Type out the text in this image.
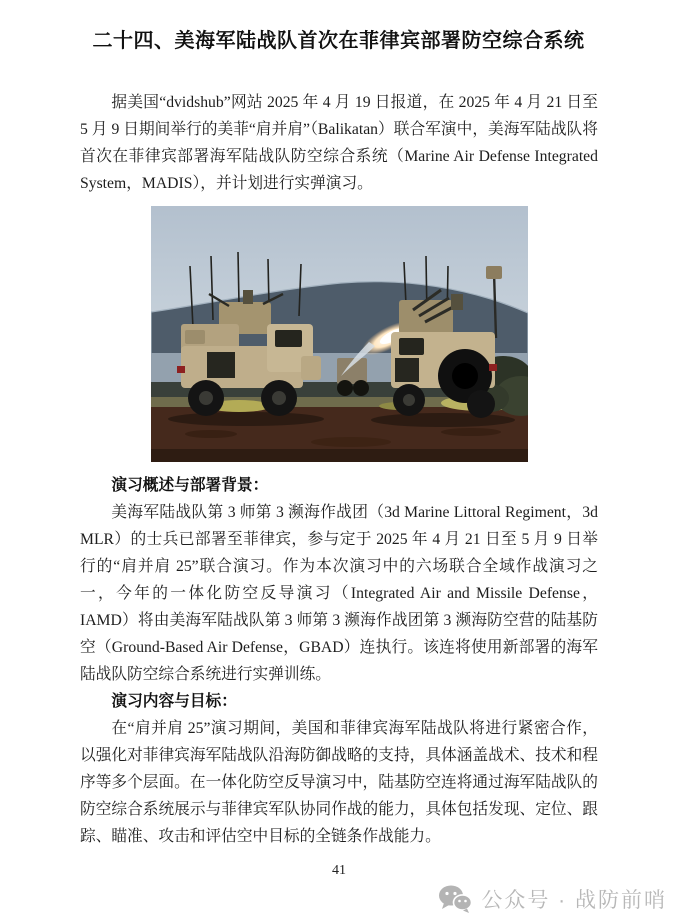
二十四、美海军陆战队首次在菲律宾部署防空综合系统

据美国“dvidshub”网站 2025 年 4 月 19 日报道，在 2025 年 4 月 21 日至 5 月 9 日期间举行的美菲“肩并肩”（Balikatan）联合军演中，美海军陆战队将首次在菲律宾部署海军陆战队防空综合系统（Marine Air Defense Integrated System，MADIS），并计划进行实弹演习。

演习概述与部署背景：

美海军陆战队第 3 师第 3 濒海作战团（3d Marine Littoral Regiment，3d MLR）的士兵已部署至菲律宾，参与定于 2025 年 4 月 21 日至 5 月 9 日举行的“肩并肩 25”联合演习。作为本次演习中的六场联合全域作战演习之一，今年的一体化防空反导演习（Integrated Air and Missile Defense，IAMD）将由美海军陆战队第 3 师第 3 濒海作战团第 3 濒海防空营的陆基防空（Ground-Based Air Defense，GBAD）连执行。该连将使用新部署的海军陆战队防空综合系统进行实弹训练。

演习内容与目标：

在“肩并肩 25”演习期间，美国和菲律宾海军陆战队将进行紧密合作，以强化对菲律宾海军陆战队沿海防御战略的支持，具体涵盖战术、技术和程序等多个层面。在一体化防空反导演习中，陆基防空连将通过海军陆战队的防空综合系统展示与菲律宾军队协同作战的能力，具体包括发现、定位、跟踪、瞄准、攻击和评估空中目标的全链条作战能力。

41
公众号 · 战防前哨
